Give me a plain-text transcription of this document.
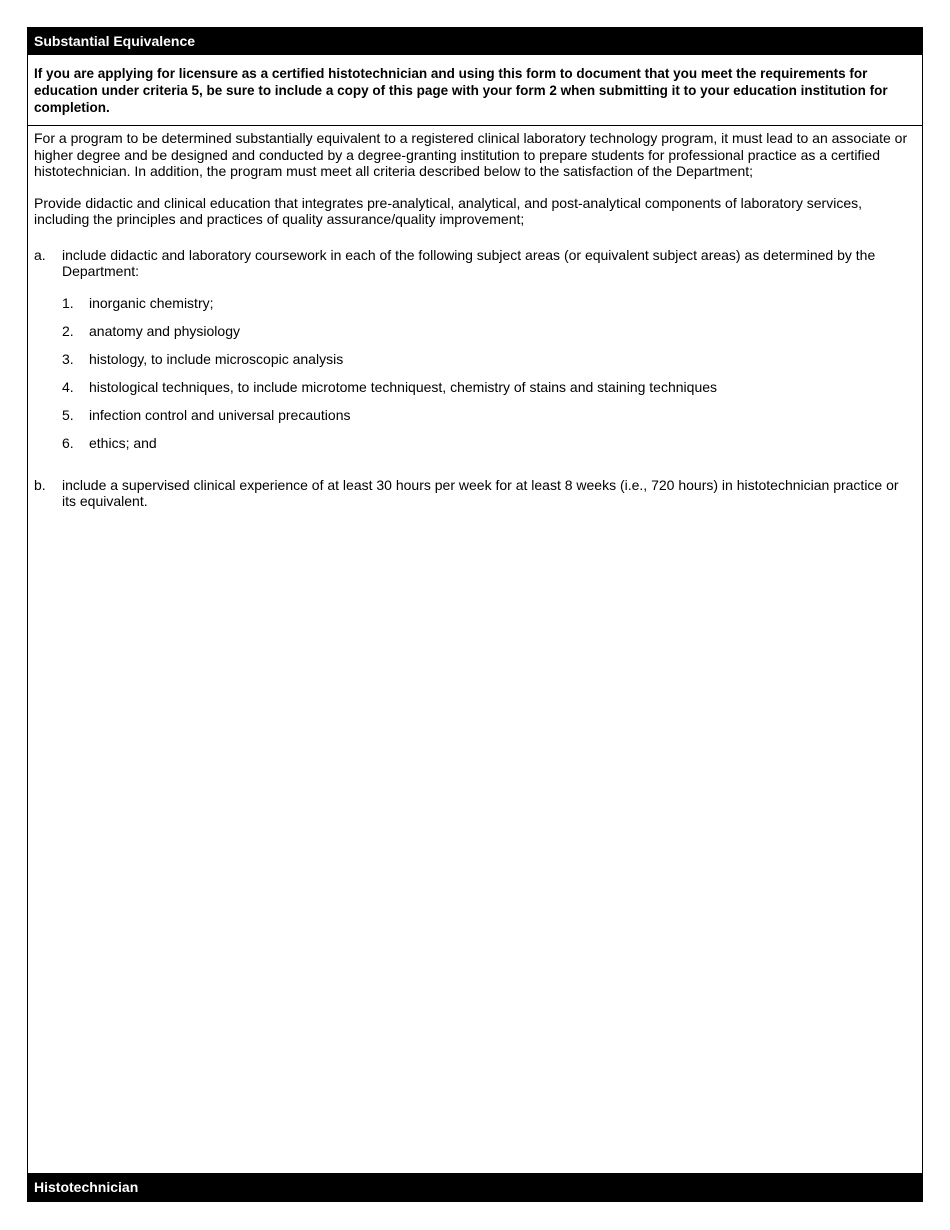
Substantial Equivalence
If you are applying for licensure as a certified histotechnician and using this form to document that you meet the requirements for education under criteria 5, be sure to include a copy of this page with your form 2 when submitting it to your education institution for completion.

For a program to be determined substantially equivalent to a registered clinical laboratory technology program, it must lead to an associate or higher degree and be designed and conducted by a degree-granting institution to prepare students for professional practice as a certified histotechnician. In addition, the program must meet all criteria described below to the satisfaction of the Department;

Provide didactic and clinical education that integrates pre-analytical, analytical, and post-analytical components of laboratory services, including the principles and practices of quality assurance/quality improvement;

a.	include didactic and laboratory coursework in each of the following subject areas (or equivalent subject areas) as determined by the Department:
1.	inorganic chemistry;
2.	anatomy and physiology
3.	histology, to include microscopic analysis
4.	histological techniques, to include microtome techniquest, chemistry of stains and staining techniques
5.	infection control and universal precautions
6.	ethics; and
b.	include a supervised clinical experience of at least 30 hours per week for at least 8 weeks (i.e., 720 hours) in histotechnician practice or its equivalent.
Histotechnician
